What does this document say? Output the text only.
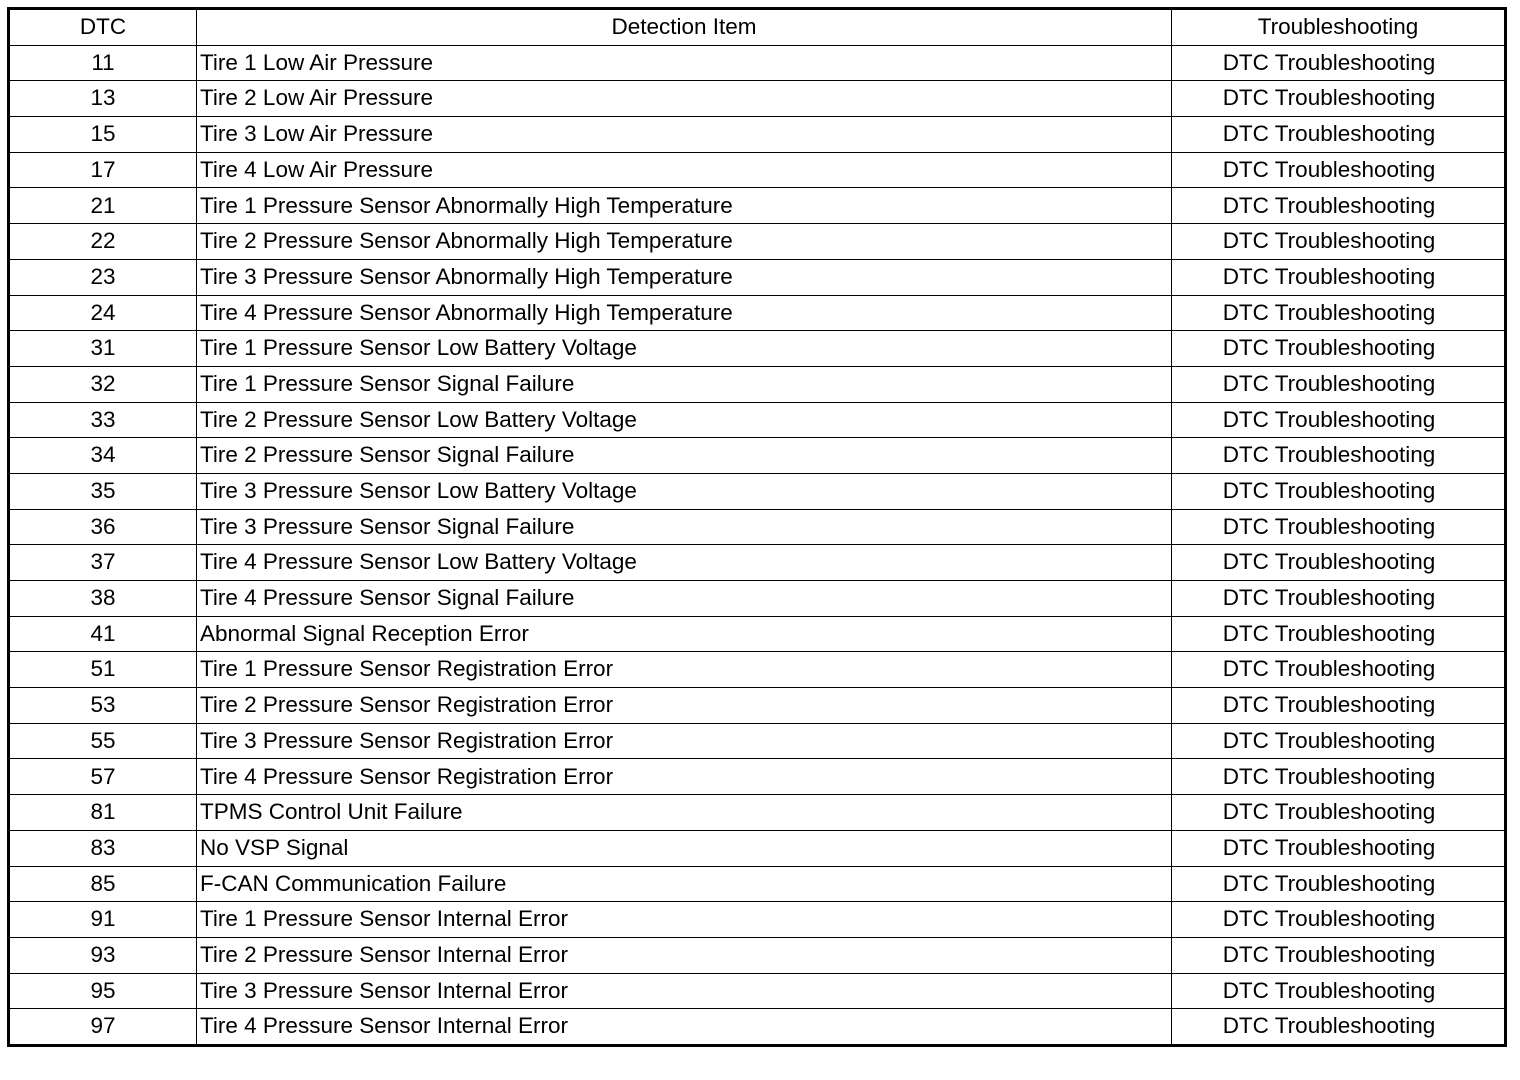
DTC	Detection Item	Troubleshooting
11	Tire 1 Low Air Pressure	DTC Troubleshooting
13	Tire 2 Low Air Pressure	DTC Troubleshooting
15	Tire 3 Low Air Pressure	DTC Troubleshooting
17	Tire 4 Low Air Pressure	DTC Troubleshooting
21	Tire 1 Pressure Sensor Abnormally High Temperature	DTC Troubleshooting
22	Tire 2 Pressure Sensor Abnormally High Temperature	DTC Troubleshooting
23	Tire 3 Pressure Sensor Abnormally High Temperature	DTC Troubleshooting
24	Tire 4 Pressure Sensor Abnormally High Temperature	DTC Troubleshooting
31	Tire 1 Pressure Sensor Low Battery Voltage	DTC Troubleshooting
32	Tire 1 Pressure Sensor Signal Failure	DTC Troubleshooting
33	Tire 2 Pressure Sensor Low Battery Voltage	DTC Troubleshooting
34	Tire 2 Pressure Sensor Signal Failure	DTC Troubleshooting
35	Tire 3 Pressure Sensor Low Battery Voltage	DTC Troubleshooting
36	Tire 3 Pressure Sensor Signal Failure	DTC Troubleshooting
37	Tire 4 Pressure Sensor Low Battery Voltage	DTC Troubleshooting
38	Tire 4 Pressure Sensor Signal Failure	DTC Troubleshooting
41	Abnormal Signal Reception Error	DTC Troubleshooting
51	Tire 1 Pressure Sensor Registration Error	DTC Troubleshooting
53	Tire 2 Pressure Sensor Registration Error	DTC Troubleshooting
55	Tire 3 Pressure Sensor Registration Error	DTC Troubleshooting
57	Tire 4 Pressure Sensor Registration Error	DTC Troubleshooting
81	TPMS Control Unit Failure	DTC Troubleshooting
83	No VSP Signal	DTC Troubleshooting
85	F-CAN Communication Failure	DTC Troubleshooting
91	Tire 1 Pressure Sensor Internal Error	DTC Troubleshooting
93	Tire 2 Pressure Sensor Internal Error	DTC Troubleshooting
95	Tire 3 Pressure Sensor Internal Error	DTC Troubleshooting
97	Tire 4 Pressure Sensor Internal Error	DTC Troubleshooting
